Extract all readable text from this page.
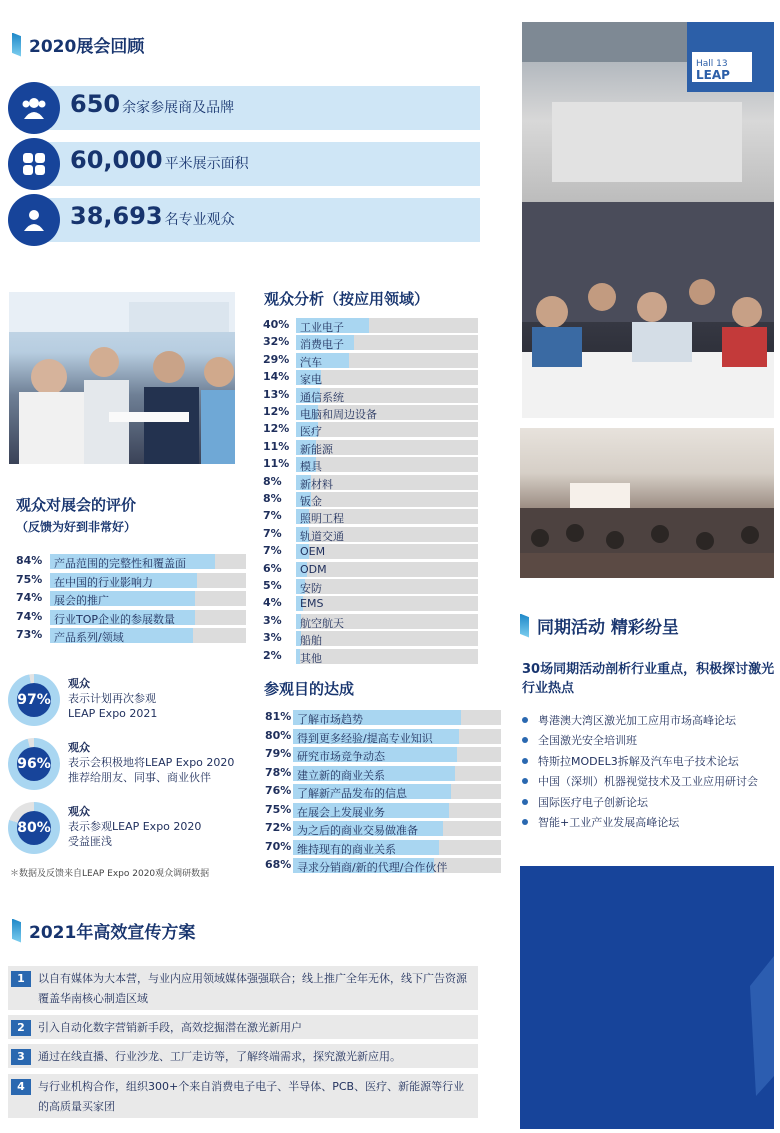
2020展会回顾
650 余家参展商及品牌
60,000 平米展示面积
38,693 名专业观众
观众分析（按应用领域）
40% 工业电子
32% 消费电子
29% 汽车
14% 家电
13% 通信系统
12% 电脑和周边设备
12% 医疗
11% 新能源
11% 模具
8%	新材料
8%	钣金
7%	照明工程
7%	轨道交通
7%	OEM
6%	ODM
5%	安防
4%	EMS
3%	航空航天
3%	船舶
2%	其他
观众对展会的评价
（反馈为好到非常好）
84%	产品范围的完整性和覆盖面
75%	在中国的行业影响力
74%	展会的推广
74%	行业TOP企业的参展数量
73%	产品系列/领域
97%
观众
表示计划再次参观
LEAP Expo 2021
96%
观众
表示会积极地将LEAP Expo 2020
推荐给朋友、同事、商业伙伴
80%
观众
表示参观LEAP Expo 2020
受益匪浅
＊数据及反馈来自LEAP Expo 2020观众调研数据
参观目的达成
81% 了解市场趋势
80% 得到更多经验/提高专业知识
79% 研究市场竞争动态
78% 建立新的商业关系
76% 了解新产品发布的信息
75% 在展会上发展业务
72% 为之后的商业交易做准备
70% 维持现有的商业关系
68% 寻求分销商/新的代理/合作伙伴
Hall 13
LEAP
同期活动 精彩纷呈
30场同期活动剖析行业重点，积极探讨激光行业热点
粤港澳大湾区激光加工应用市场高峰论坛
全国激光安全培训班
特斯拉MODEL3拆解及汽车电子技术论坛
中国（深圳）机器视觉技术及工业应用研讨会
国际医疗电子创新论坛
智能+工业产业发展高峰论坛
2021年高效宣传方案
1	以自有媒体为大本营，与业内应用领域媒体强强联合；线上推广全年无休，线下广告资源覆盖华南核心制造区域
2	引入自动化数字营销新手段，高效挖掘潜在激光新用户
3	通过在线直播、行业沙龙、工厂走访等，了解终端需求，探究激光新应用。
4	与行业机构合作，组织300+个来自消费电子电子、半导体、PCB、医疗、新能源等行业的高质量买家团
